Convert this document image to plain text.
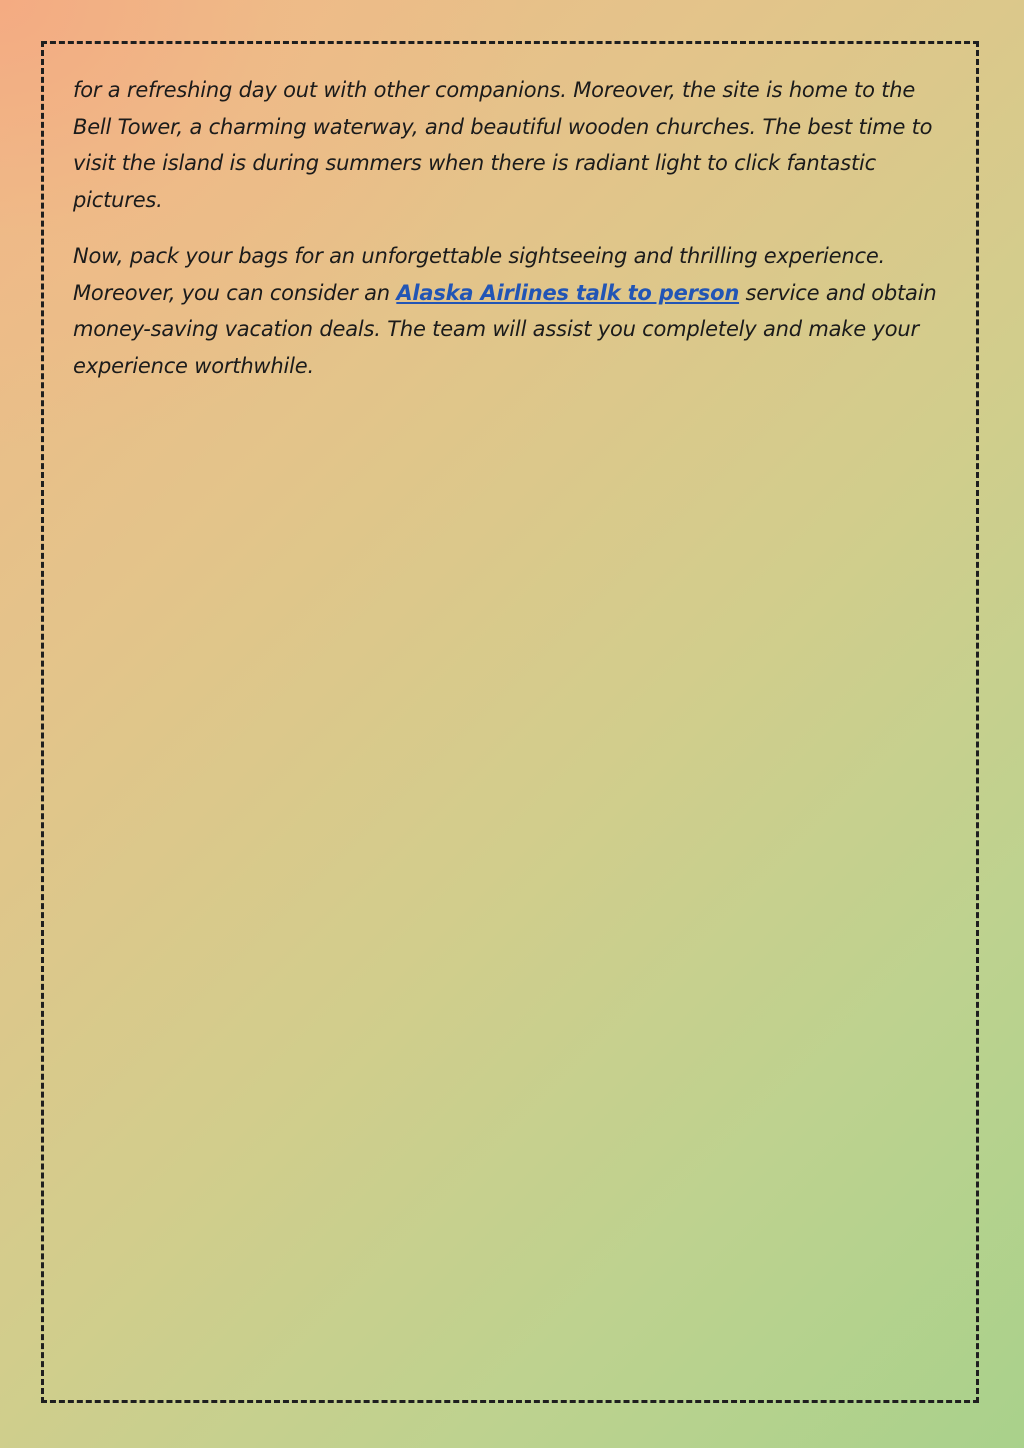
for a refreshing day out with other companions. Moreover, the site is home to the Bell Tower, a charming waterway, and beautiful wooden churches. The best time to visit the island is during summers when there is radiant light to click fantastic pictures.

Now, pack your bags for an unforgettable sightseeing and thrilling experience. Moreover, you can consider an Alaska Airlines talk to person service and obtain money-saving vacation deals. The team will assist you completely and make your experience worthwhile.
